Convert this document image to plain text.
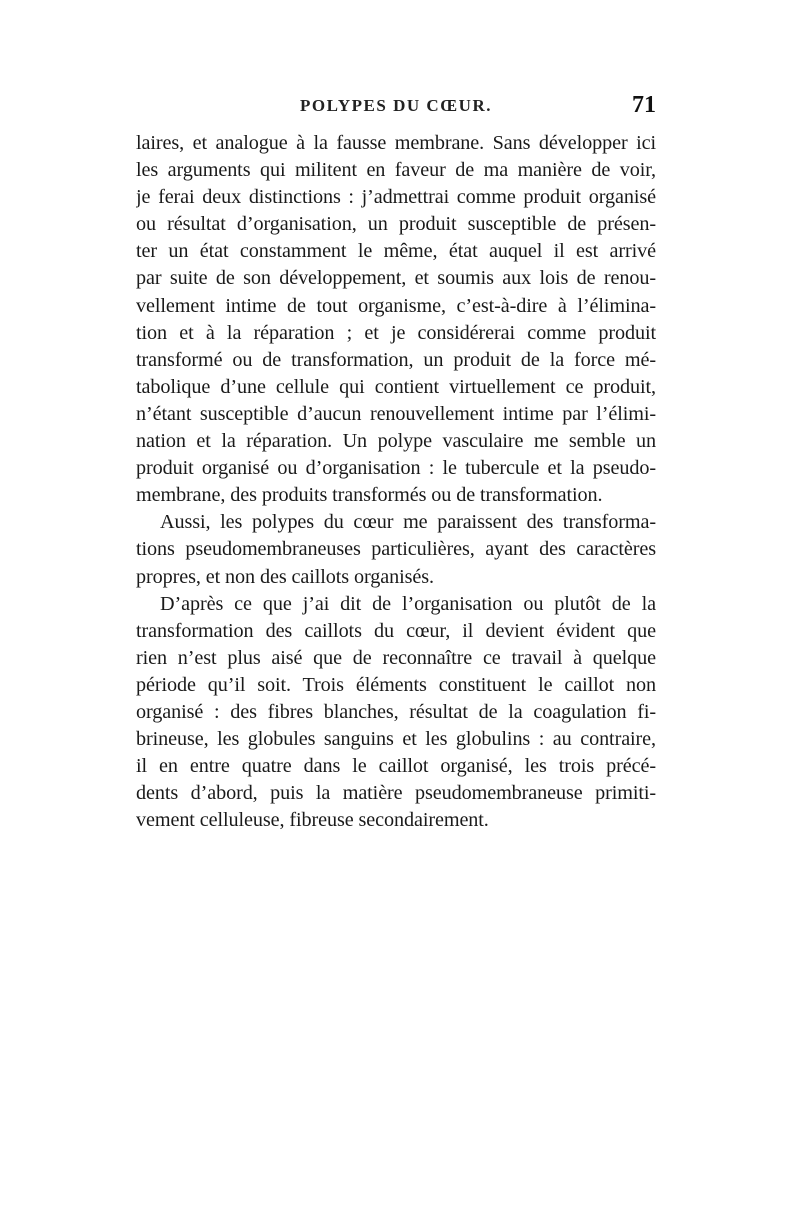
POLYPES DU CŒUR.	71
laires, et analogue à la fausse membrane. Sans développer ici
les arguments qui militent en faveur de ma manière de voir,
je ferai deux distinctions : j’admettrai comme produit organisé
ou résultat d’organisation, un produit susceptible de présen-
ter un état constamment le même, état auquel il est arrivé
par suite de son développement, et soumis aux lois de renou-
vellement intime de tout organisme, c’est-à-dire à l’élimina-
tion et à la réparation ; et je considérerai comme produit
transformé ou de transformation, un produit de la force mé-
tabolique d’une cellule qui contient virtuellement ce produit,
n’étant susceptible d’aucun renouvellement intime par l’élimi-
nation et la réparation. Un polype vasculaire me semble un
produit organisé ou d’organisation : le tubercule et la pseudo-
membrane, des produits transformés ou de transformation.
Aussi, les polypes du cœur me paraissent des transforma-
tions pseudomembraneuses particulières, ayant des caractères
propres, et non des caillots organisés.
D’après ce que j’ai dit de l’organisation ou plutôt de la
transformation des caillots du cœur, il devient évident que
rien n’est plus aisé que de reconnaître ce travail à quelque
période qu’il soit. Trois éléments constituent le caillot non
organisé : des fibres blanches, résultat de la coagulation fi-
brineuse, les globules sanguins et les globulins : au contraire,
il en entre quatre dans le caillot organisé, les trois précé-
dents d’abord, puis la matière pseudomembraneuse primiti-
vement celluleuse, fibreuse secondairement.
